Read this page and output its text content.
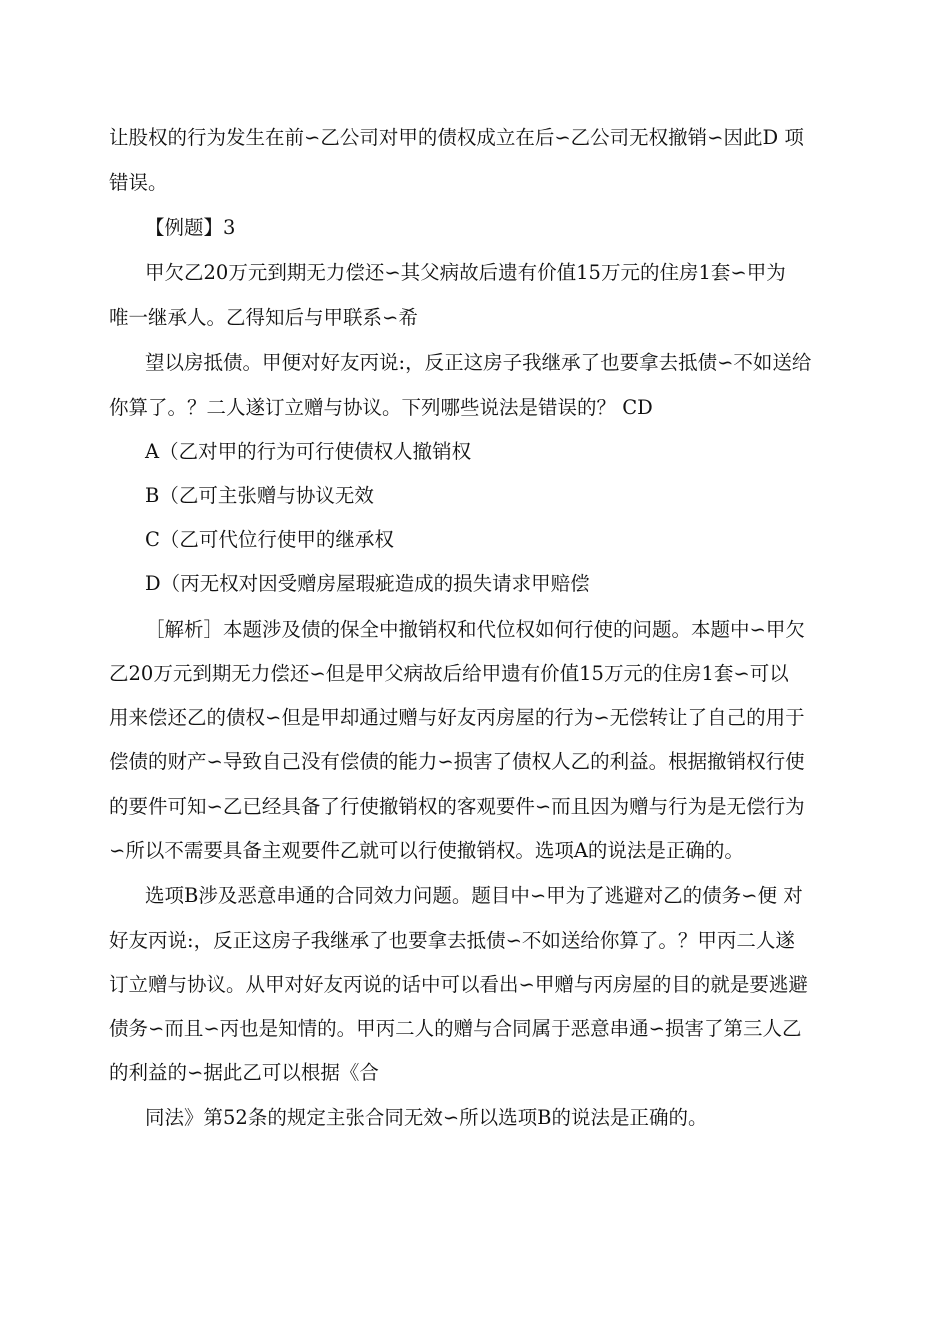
让股权的行为发生在前∽乙公司对甲的债权成立在后∽乙公司无权撤销∽因此D 项
错误。
【例题】3
甲欠乙20万元到期无力偿还∽其父病故后遗有价值15万元的住房1套∽甲为
唯一继承人。乙得知后与甲联系∽希
望以房抵债。甲便对好友丙说:，反正这房子我继承了也要拿去抵债∽不如送给
你算了。？二人遂订立赠与协议。下列哪些说法是错误的？ CD
A（乙对甲的行为可行使债权人撤销权
B（乙可主张赠与协议无效
C（乙可代位行使甲的继承权
D（丙无权对因受赠房屋瑕疵造成的损失请求甲赔偿
［解析］本题涉及债的保全中撤销权和代位权如何行使的问题。本题中∽甲欠
乙20万元到期无力偿还∽但是甲父病故后给甲遗有价值15万元的住房1套∽可以
用来偿还乙的债权∽但是甲却通过赠与好友丙房屋的行为∽无偿转让了自己的用于
偿债的财产∽导致自己没有偿债的能力∽损害了债权人乙的利益。根据撤销权行使
的要件可知∽乙已经具备了行使撤销权的客观要件∽而且因为赠与行为是无偿行为
∽所以不需要具备主观要件乙就可以行使撤销权。选项A的说法是正确的。
选项B涉及恶意串通的合同效力问题。题目中∽甲为了逃避对乙的债务∽便 对
好友丙说:，反正这房子我继承了也要拿去抵债∽不如送给你算了。？甲丙二人遂
订立赠与协议。从甲对好友丙说的话中可以看出∽甲赠与丙房屋的目的就是要逃避
债务∽而且∽丙也是知情的。甲丙二人的赠与合同属于恶意串通∽损害了第三人乙
的利益的∽据此乙可以根据《合
同法》第52条的规定主张合同无效∽所以选项B的说法是正确的。
